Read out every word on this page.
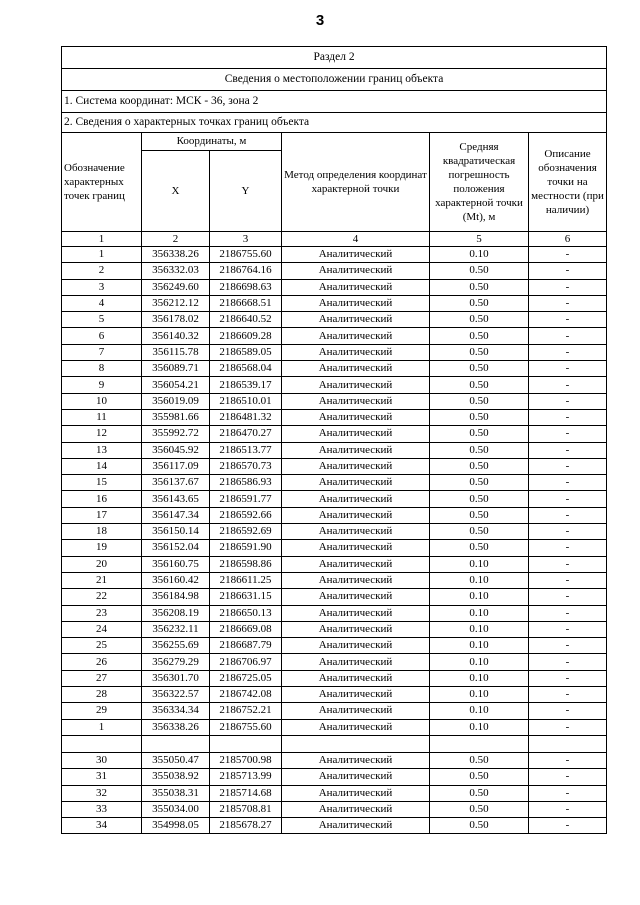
3
Раздел 2					
Сведения о местоположении границ объекта					
1. Система координат: МСК - 36, зона 2					
2. Сведения о характерных точках границ объекта					
Обозначение характерных точек границ	Координаты, м		Метод определения координат характерной точки	Средняя квадратическая погрешность положения характерной точки (Mt), м	Описание обозначения точки на местности (при наличии)
	X	Y			
1	2	3	4	5	6
1	356338.26	2186755.60	Аналитический	0.10	-
2	356332.03	2186764.16	Аналитический	0.50	-
3	356249.60	2186698.63	Аналитический	0.50	-
4	356212.12	2186668.51	Аналитический	0.50	-
5	356178.02	2186640.52	Аналитический	0.50	-
6	356140.32	2186609.28	Аналитический	0.50	-
7	356115.78	2186589.05	Аналитический	0.50	-
8	356089.71	2186568.04	Аналитический	0.50	-
9	356054.21	2186539.17	Аналитический	0.50	-
10	356019.09	2186510.01	Аналитический	0.50	-
11	355981.66	2186481.32	Аналитический	0.50	-
12	355992.72	2186470.27	Аналитический	0.50	-
13	356045.92	2186513.77	Аналитический	0.50	-
14	356117.09	2186570.73	Аналитический	0.50	-
15	356137.67	2186586.93	Аналитический	0.50	-
16	356143.65	2186591.77	Аналитический	0.50	-
17	356147.34	2186592.66	Аналитический	0.50	-
18	356150.14	2186592.69	Аналитический	0.50	-
19	356152.04	2186591.90	Аналитический	0.50	-
20	356160.75	2186598.86	Аналитический	0.10	-
21	356160.42	2186611.25	Аналитический	0.10	-
22	356184.98	2186631.15	Аналитический	0.10	-
23	356208.19	2186650.13	Аналитический	0.10	-
24	356232.11	2186669.08	Аналитический	0.10	-
25	356255.69	2186687.79	Аналитический	0.10	-
26	356279.29	2186706.97	Аналитический	0.10	-
27	356301.70	2186725.05	Аналитический	0.10	-
28	356322.57	2186742.08	Аналитический	0.10	-
29	356334.34	2186752.21	Аналитический	0.10	-
1	356338.26	2186755.60	Аналитический	0.10	-

30	355050.47	2185700.98	Аналитический	0.50	-
31	355038.92	2185713.99	Аналитический	0.50	-
32	355038.31	2185714.68	Аналитический	0.50	-
33	355034.00	2185708.81	Аналитический	0.50	-
34	354998.05	2185678.27	Аналитический	0.50	-
